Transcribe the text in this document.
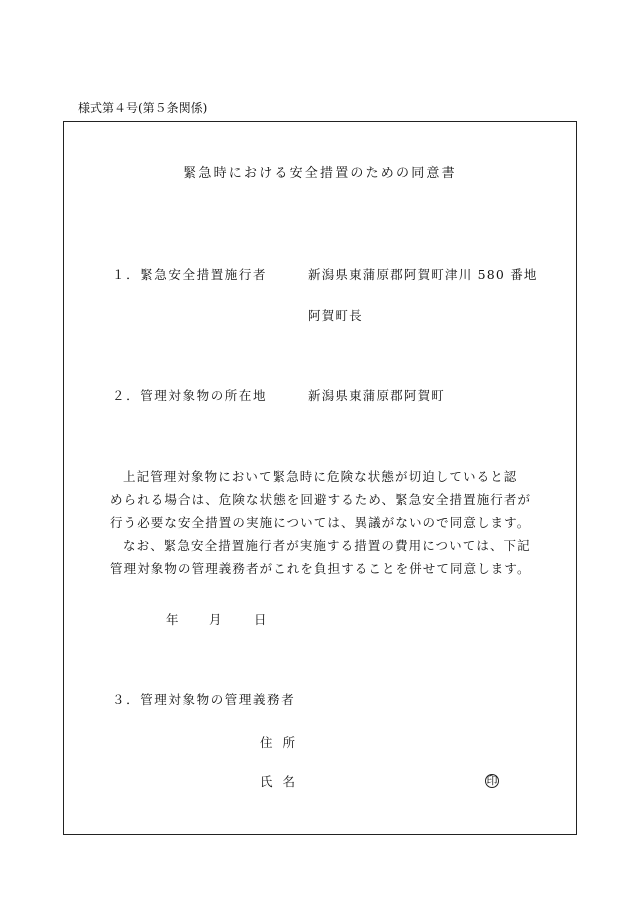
様式第４号(第５条関係)
緊急時における安全措置のための同意書
１．緊急安全措置施行者	新潟県東蒲原郡阿賀町津川 580 番地
阿賀町長
２．管理対象物の所在地	新潟県東蒲原郡阿賀町
上記管理対象物において緊急時に危険な状態が切迫していると認
められる場合は、危険な状態を回避するため、緊急安全措置施行者が
行う必要な安全措置の実施については、異議がないので同意します。
なお、緊急安全措置施行者が実施する措置の費用については、下記
管理対象物の管理義務者がこれを負担することを併せて同意します。
年 月	日
３．管理対象物の管理義務者
住所
氏名	印
